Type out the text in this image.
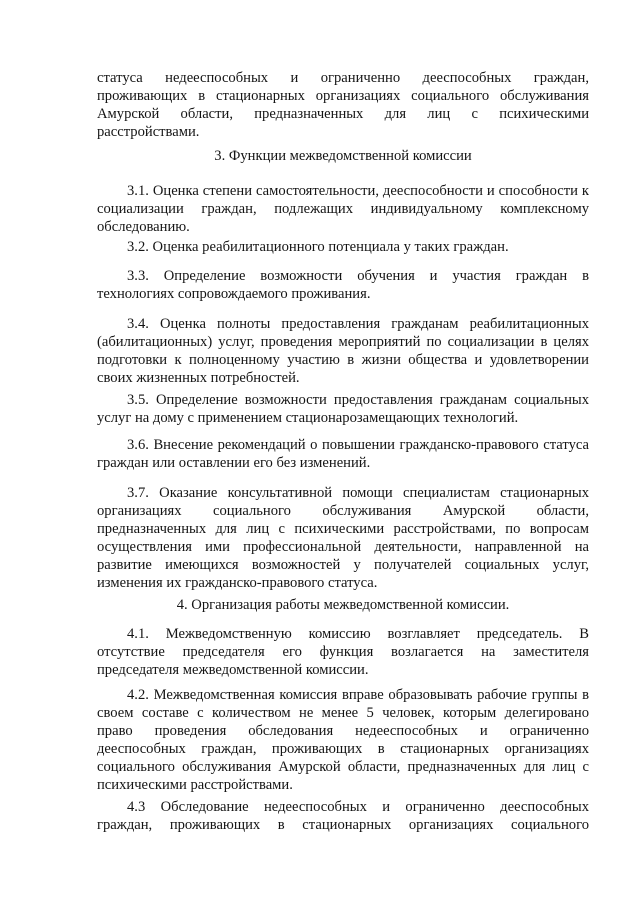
статуса недееспособных и ограниченно дееспособных граждан,
проживающих в стационарных организациях социального обслуживания
Амурской области, предназначенных для лиц с психическими
расстройствами.

3. Функции межведомственной комиссии

3.1. Оценка степени самостоятельности, дееспособности и способности к
социализации граждан, подлежащих индивидуальному комплексному
обследованию.

3.2. Оценка реабилитационного потенциала у таких граждан.

3.3. Определение возможности обучения и участия граждан в
технологиях сопровождаемого проживания.

3.4. Оценка полноты предоставления гражданам реабилитационных
(абилитационных) услуг, проведения мероприятий по социализации в целях
подготовки к полноценному участию в жизни общества и удовлетворении
своих жизненных потребностей.

3.5. Определение возможности предоставления гражданам социальных
услуг на дому с применением стационарозамещающих технологий.

3.6. Внесение рекомендаций о повышении гражданско-правового статуса
граждан или оставлении его без изменений.

3.7. Оказание консультативной помощи специалистам стационарных
организациях социального обслуживания Амурской области,
предназначенных для лиц с психическими расстройствами, по вопросам
осуществления ими профессиональной деятельности, направленной на
развитие имеющихся возможностей у получателей социальных услуг,
изменения их гражданско-правового статуса.

4. Организация работы межведомственной комиссии.

4.1. Межведомственную комиссию возглавляет председатель. В
отсутствие председателя его функция возлагается на заместителя
председателя межведомственной комиссии.

4.2. Межведомственная комиссия вправе образовывать рабочие группы в
своем составе с количеством не менее 5 человек, которым делегировано
право проведения обследования недееспособных и ограниченно
дееспособных граждан, проживающих в стационарных организациях
социального обслуживания Амурской области, предназначенных для лиц с
психическими расстройствами.

4.3 Обследование недееспособных и ограниченно дееспособных
граждан, проживающих в стационарных организациях социального
